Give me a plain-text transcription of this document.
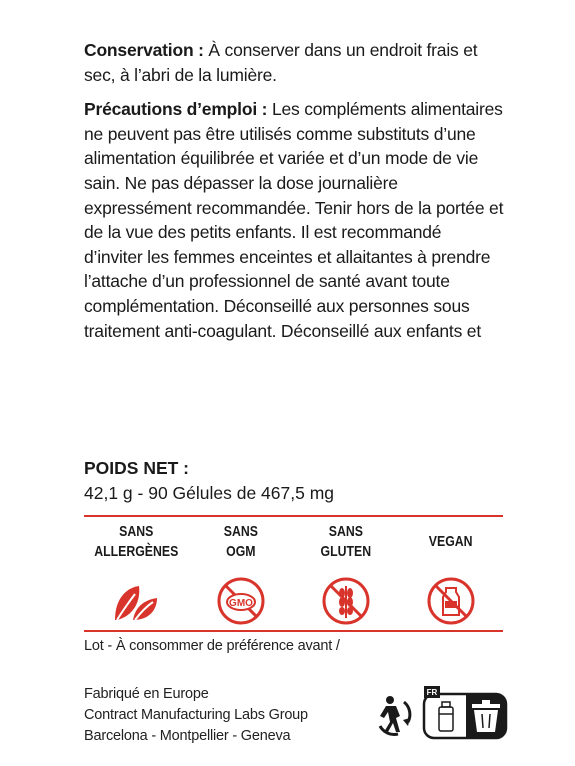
Conservation : À conserver dans un endroit frais et sec, à l’abri de la lumière.

Précautions d’emploi : Les compléments alimentaires ne peuvent pas être utilisés comme substituts d’une alimentation équilibrée et variée et d’un mode de vie sain. Ne pas dépasser la dose journalière expressément recommandée. Tenir hors de la portée et de la vue des petits enfants. Il est recommandé d’inviter les femmes enceintes et allaitantes à prendre l’attache d’un professionnel de santé avant toute complémentation. Déconseillé aux personnes sous traitement anti-coagulant. Déconseillé aux enfants et

POIDS NET :
42,1 g - 90 Gélules de 467,5 mg
SANS
ALLERGÈNES
SANS
OGM
GMO
SANS
GLUTEN
VEGAN
Lot - À consommer de préférence avant /
Fabriqué en Europe
Contract Manufacturing Labs Group
Barcelona - Montpellier - Geneva
FR
